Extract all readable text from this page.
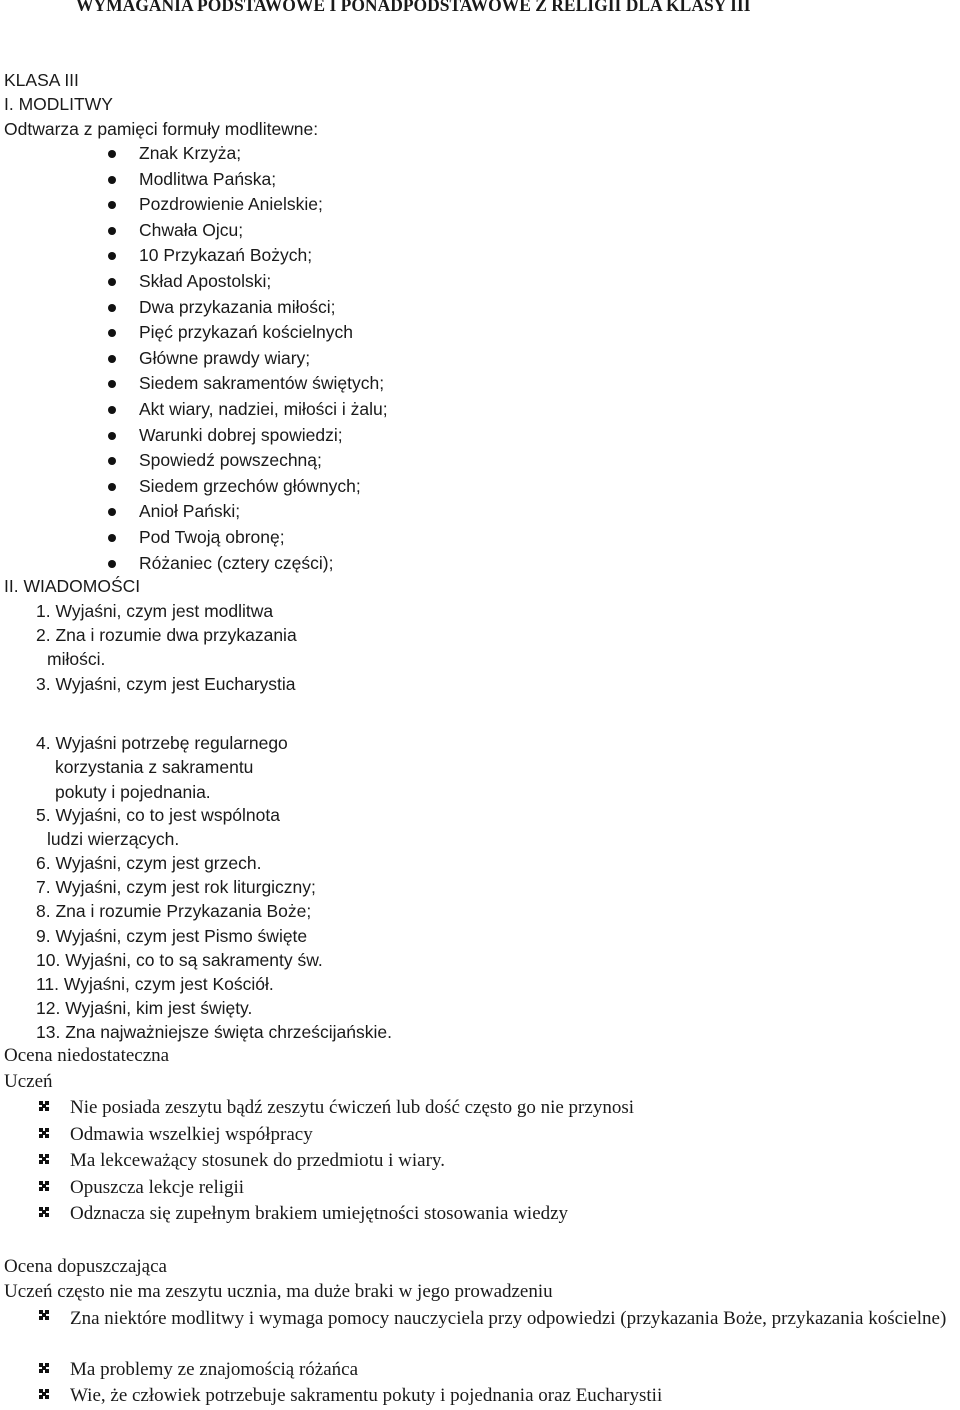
WYMAGANIA PODSTAWOWE I PONADPODSTAWOWE Z RELIGII DLA KLASY III
KLASA III
I. MODLITWY
Odtwarza z pamięci formuły modlitewne:
Znak Krzyża;
Modlitwa Pańska;
Pozdrowienie Anielskie;
Chwała Ojcu;
10 Przykazań Bożych;
Skład Apostolski;
Dwa przykazania miłości;
Pięć przykazań kościelnych
Główne prawdy wiary;
Siedem sakramentów świętych;
Akt wiary, nadziei, miłości i żalu;
Warunki dobrej spowiedzi;
Spowiedź powszechną;
Siedem grzechów głównych;
Anioł Pański;
Pod Twoją obronę;
Różaniec (cztery części);
II. WIADOMOŚCI
1. Wyjaśni, czym jest modlitwa
2. Zna i rozumie dwa przykazania
miłości.
3. Wyjaśni, czym jest Eucharystia
4. Wyjaśni potrzebę regularnego
korzystania z sakramentu
pokuty i pojednania.
5. Wyjaśni, co to jest wspólnota
ludzi wierzących.
6. Wyjaśni, czym jest grzech.
7. Wyjaśni, czym jest rok liturgiczny;
8. Zna i rozumie Przykazania Boże;
9. Wyjaśni, czym jest Pismo święte
10. Wyjaśni, co to są sakramenty św.
11. Wyjaśni, czym jest Kościół.
12. Wyjaśni, kim jest święty.
13. Zna najważniejsze święta chrześcijańskie.
Ocena niedostateczna
Uczeń
Nie posiada zeszytu bądź zeszytu ćwiczeń lub dość często go nie przynosi
Odmawia wszelkiej współpracy
Ma lekceważący stosunek do przedmiotu i wiary.
Opuszcza lekcje religii
Odznacza się zupełnym brakiem umiejętności stosowania wiedzy
Ocena dopuszczająca
Uczeń często nie ma zeszytu ucznia, ma duże braki w jego prowadzeniu
Zna niektóre modlitwy i wymaga pomocy nauczyciela przy odpowiedzi (przykazania Boże, przykazania kościelne)
Ma problemy ze znajomością różańca
Wie, że człowiek potrzebuje sakramentu pokuty i pojednania oraz Eucharystii
